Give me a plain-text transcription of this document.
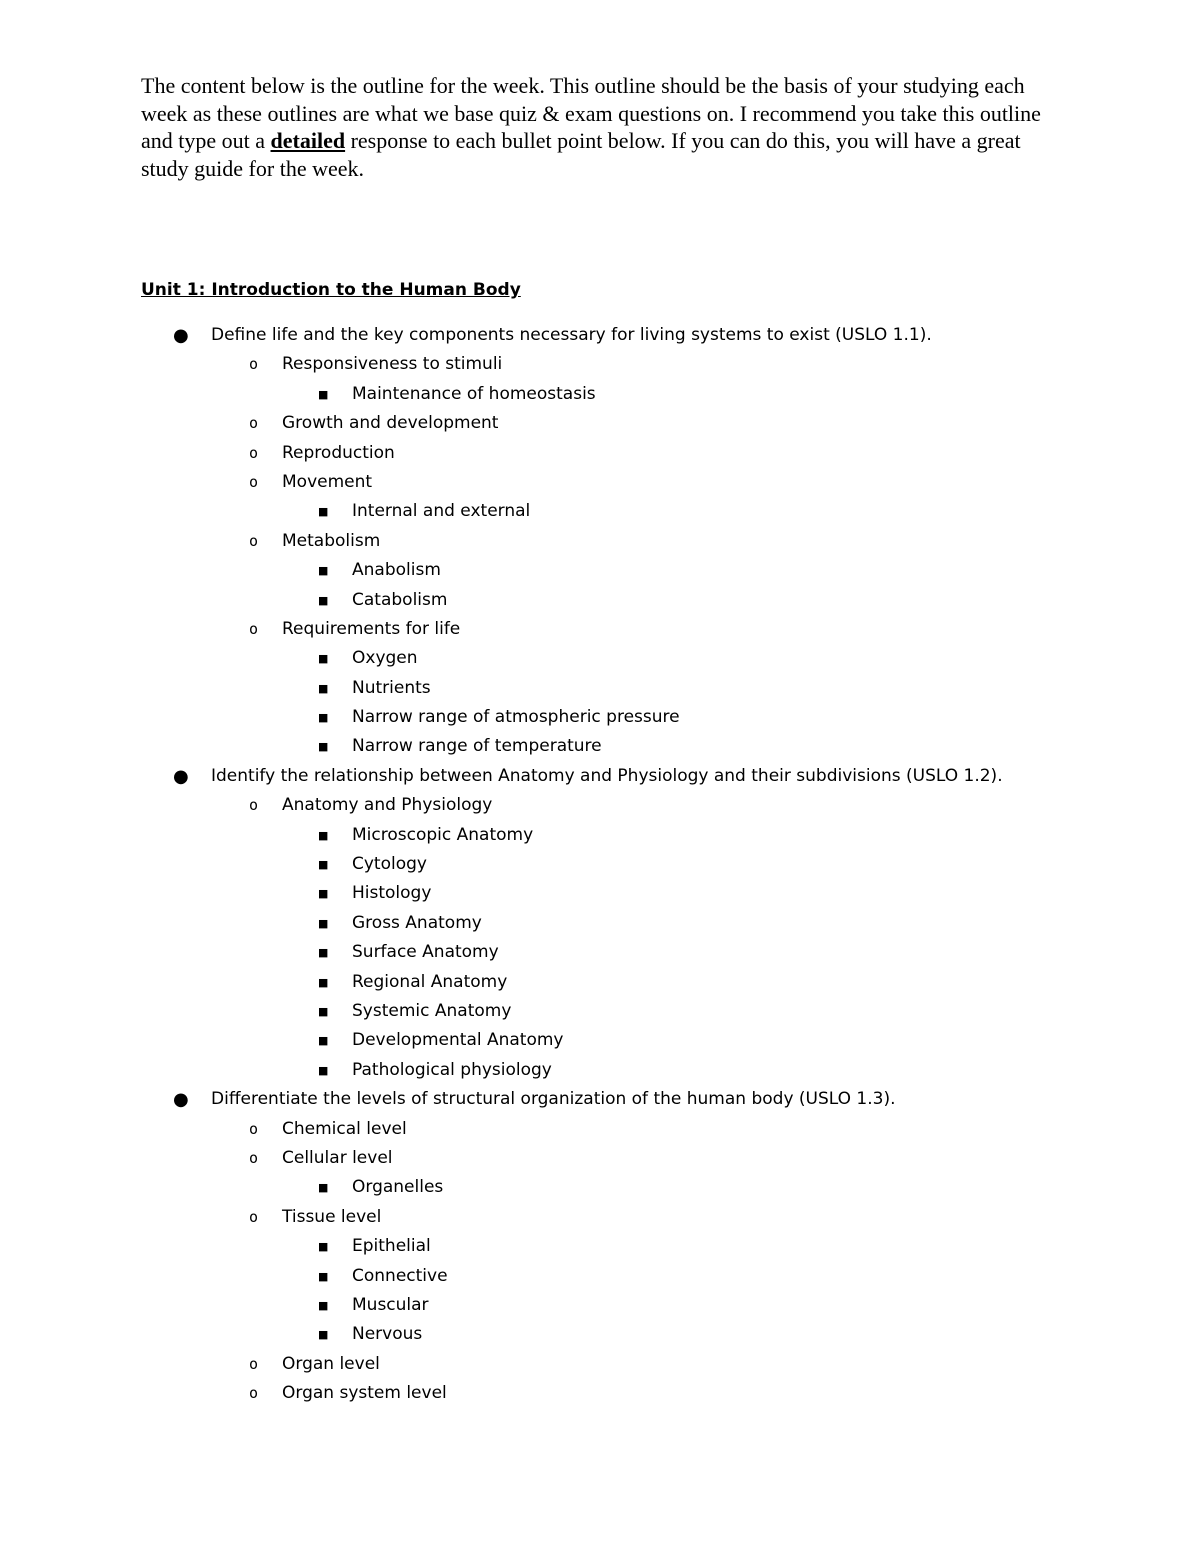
The content below is the outline for the week. This outline should be the basis of your studying each week as these outlines are what we base quiz & exam questions on. I recommend you take this outline and type out a detailed response to each bullet point below. If you can do this, you will have a great study guide for the week.

Unit 1: Introduction to the Human Body
● Define life and the key components necessary for living systems to exist (USLO 1.1).
o Responsiveness to stimuli
■ Maintenance of homeostasis
o Growth and development
o Reproduction
o Movement
■ Internal and external
o Metabolism
■ Anabolism
■ Catabolism
o Requirements for life
■ Oxygen
■ Nutrients
■ Narrow range of atmospheric pressure
■ Narrow range of temperature
● Identify the relationship between Anatomy and Physiology and their subdivisions (USLO 1.2).
o Anatomy and Physiology
■ Microscopic Anatomy
■ Cytology
■ Histology
■ Gross Anatomy
■ Surface Anatomy
■ Regional Anatomy
■ Systemic Anatomy
■ Developmental Anatomy
■ Pathological physiology
● Differentiate the levels of structural organization of the human body (USLO 1.3).
o Chemical level
o Cellular level
■ Organelles
o Tissue level
■ Epithelial
■ Connective
■ Muscular
■ Nervous
o Organ level
o Organ system level
